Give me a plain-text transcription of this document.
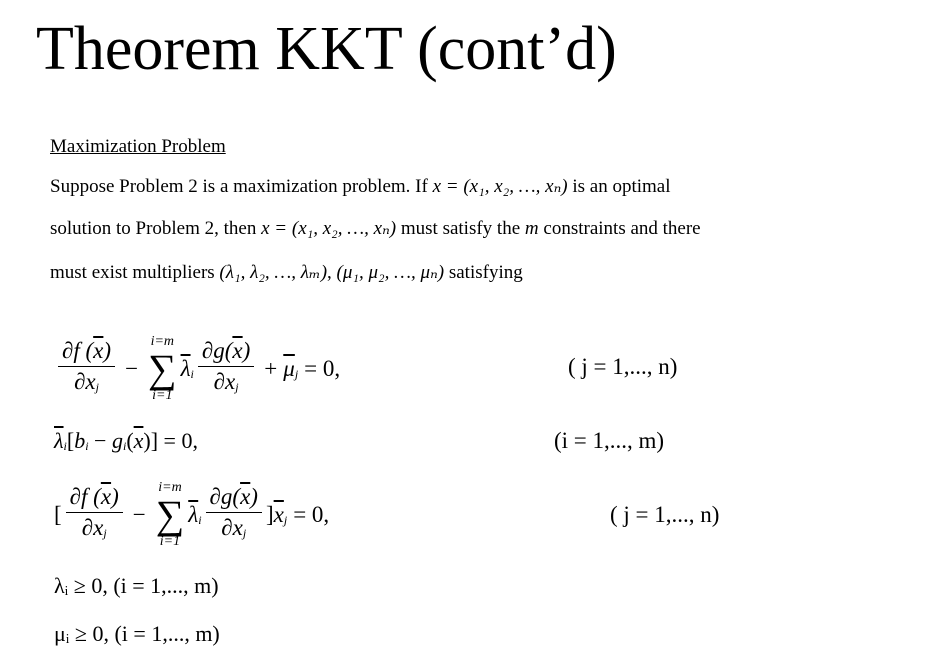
Theorem KKT (cont’d)
Maximization Problem
Suppose Problem 2 is a maximization problem. If x = (x₁, x₂, …, xₙ) is an optimal
solution to Problem 2, then x = (x₁, x₂, …, xₙ) must satisfy the m constraints and there
must exist multipliers (λ₁, λ₂, …, λₘ), (μ₁, μ₂, …, μₙ) satisfying
$\frac{\partial f (\overline{x})}{\partial xj}$ −
i=m
∑
i=1
$\overline{\lambda}i \frac{\partial g(\overline{x})}{\partial xj} + \overline{\mu}j = 0$,	( j = 1,..., n)
$\overline{\lambda}i[bi - gi(\overline{x})] = 0$,	(i = 1,..., m)
[ $\frac{\partial f (\overline{x})}{\partial xj}$ −
i=m
∑
i=1
$\overline{\lambda}i \frac{\partial g(\overline{x})}{\partial xj}$ ] $\overline{x}j = 0$,	( j = 1,..., n)
λᵢ ≥ 0, (i = 1,..., m)
μᵢ ≥ 0, (i = 1,..., m)
